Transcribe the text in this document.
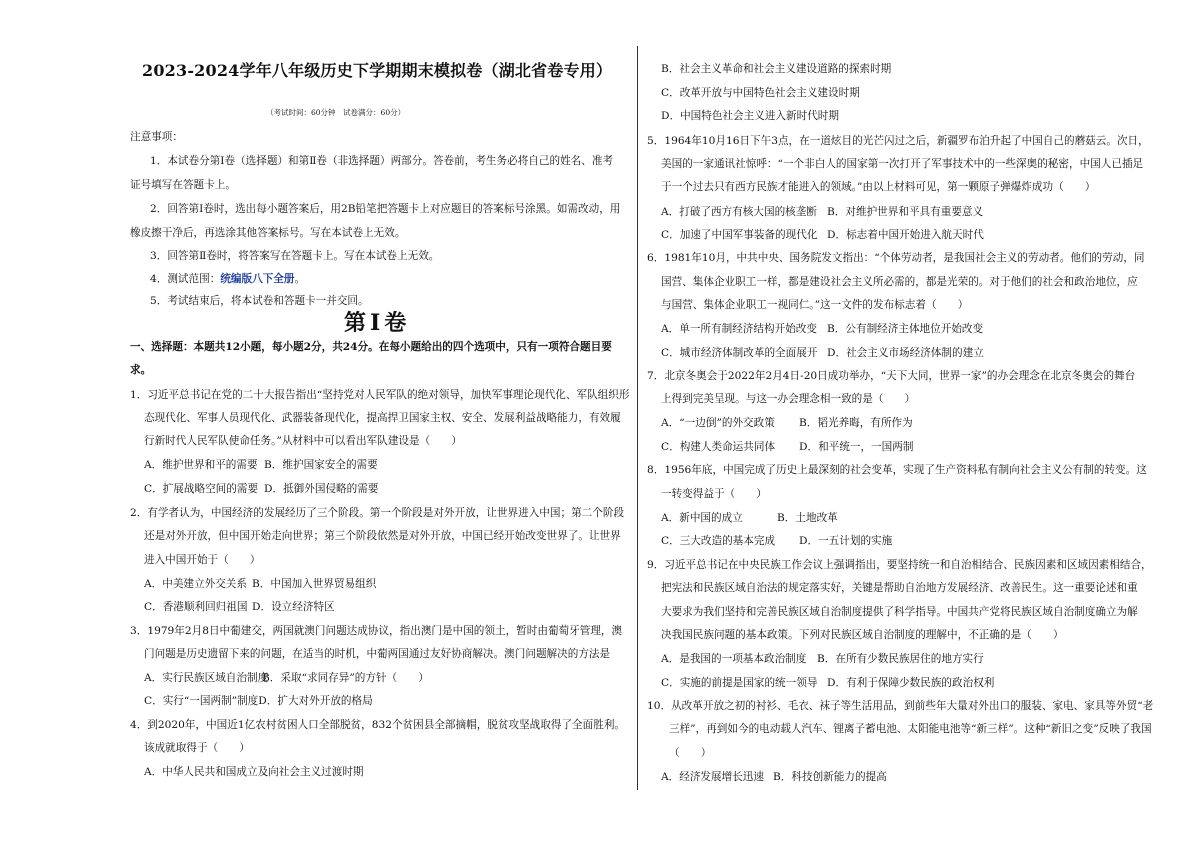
2023-2024学年八年级历史下学期期末模拟卷（湖北省卷专用）
（考试时间：60分钟　试卷满分：60分）
注意事项：
1．本试卷分第Ⅰ卷（选择题）和第Ⅱ卷（非选择题）两部分。答卷前，考生务必将自己的姓名、准考
证号填写在答题卡上。
2．回答第Ⅰ卷时，选出每小题答案后，用2B铅笔把答题卡上对应题目的答案标号涂黑。如需改动，用
橡皮擦干净后，再选涂其他答案标号。写在本试卷上无效。
3．回答第Ⅱ卷时，将答案写在答题卡上。写在本试卷上无效。
4．测试范围：统编版八下全册。
5．考试结束后，将本试卷和答题卡一并交回。
第Ⅰ卷
一、选择题：本题共12小题，每小题2分，共24分。在每小题给出的四个选项中，只有一项符合题目要
求。
1．习近平总书记在党的二十大报告指出“坚持党对人民军队的绝对领导，加快军事理论现代化、军队组织形
态现代化、军事人员现代化、武器装备现代化，提高捍卫国家主权、安全、发展利益战略能力，有效履
行新时代人民军队使命任务。”从材料中可以看出军队建设是（　　）
A．维护世界和平的需要 B．维护国家安全的需要
C．扩展战略空间的需要 D．抵御外国侵略的需要
2．有学者认为，中国经济的发展经历了三个阶段。第一个阶段是对外开放，让世界进入中国；第二个阶段
还是对外开放，但中国开始走向世界；第三个阶段依然是对外开放，中国已经开始改变世界了。让世界
进入中国开始于（　　）
A．中美建立外交关系 B．中国加入世界贸易组织
C．香港顺利回归祖国 D．设立经济特区
3．1979年2月8日中葡建交，两国就澳门问题达成协议，指出澳门是中国的领土，暂时由葡萄牙管理，澳
门问题是历史遗留下来的问题，在适当的时机，中葡两国通过友好协商解决。澳门问题解决的方法是
A．实行民族区域自治制度B．采取“求同存异”的方针（　　）
C．实行“一国两制”制度D．扩大对外开放的格局
4．到2020年，中国近1亿农村贫困人口全部脱贫，832个贫困县全部摘帽，脱贫攻坚战取得了全面胜利。
该成就取得于（　　）
A．中华人民共和国成立及向社会主义过渡时期
B．社会主义革命和社会主义建设道路的探索时期
C．改革开放与中国特色社会主义建设时期
D．中国特色社会主义进入新时代时期
5．1964年10月16日下午3点，在一道炫目的光芒闪过之后，新疆罗布泊升起了中国自己的蘑菇云。次日，
美国的一家通讯社惊呼：“一个非白人的国家第一次打开了军事技术中的一些深奥的秘密，中国人已插足
于一个过去只有西方民族才能进入的领域。”由以上材料可见，第一颗原子弹爆炸成功（　　）
A．打破了西方有核大国的核垄断 B．对维护世界和平具有重要意义
C．加速了中国军事装备的现代化 D．标志着中国开始进入航天时代
6．1981年10月，中共中央、国务院发文指出：“个体劳动者，是我国社会主义的劳动者。他们的劳动，同
国营、集体企业职工一样，都是建设社会主义所必需的，都是光荣的。对于他们的社会和政治地位，应
与国营、集体企业职工一视同仁。”这一文件的发布标志着（　　）
A．单一所有制经济结构开始改变 B．公有制经济主体地位开始改变
C．城市经济体制改革的全面展开 D．社会主义市场经济体制的建立
7．北京冬奥会于2022年2月4日-20日成功举办，“天下大同，世界一家”的办会理念在北京冬奥会的舞台
上得到完美呈现。与这一办会理念相一致的是（　　）
A．“一边倒”的外交政策 B．韬光养晦，有所作为
C．构建人类命运共同体 D．和平统一，一国两制
8．1956年底，中国完成了历史上最深刻的社会变革，实现了生产资料私有制向社会主义公有制的转变。这
一转变得益于（　　）
A．新中国的成立	B．土地改革
C．三大改造的基本完成 D．一五计划的实施
9．习近平总书记在中央民族工作会议上强调指出，要坚持统一和自治相结合、民族因素和区域因素相结合，
把宪法和民族区域自治法的规定落实好，关键是帮助自治地方发展经济、改善民生。这一重要论述和重
大要求为我们坚持和完善民族区域自治制度提供了科学指导。中国共产党将民族区域自治制度确立为解
决我国民族问题的基本政策。下列对民族区域自治制度的理解中，不正确的是（　　）
A．是我国的一项基本政治制度 B．在所有少数民族居住的地方实行
C．实施的前提是国家的统一领导 D．有利于保障少数民族的政治权利
10．从改革开放之初的衬衫、毛衣、袜子等生活用品，到前些年大量对外出口的服装、家电、家具等外贸“老
三样”，再到如今的电动载人汽车、锂离子蓄电池、太阳能电池等“新三样”。这种“新旧之变”反映了我国
（　　）
A．经济发展增长迅速 B．科技创新能力的提高
